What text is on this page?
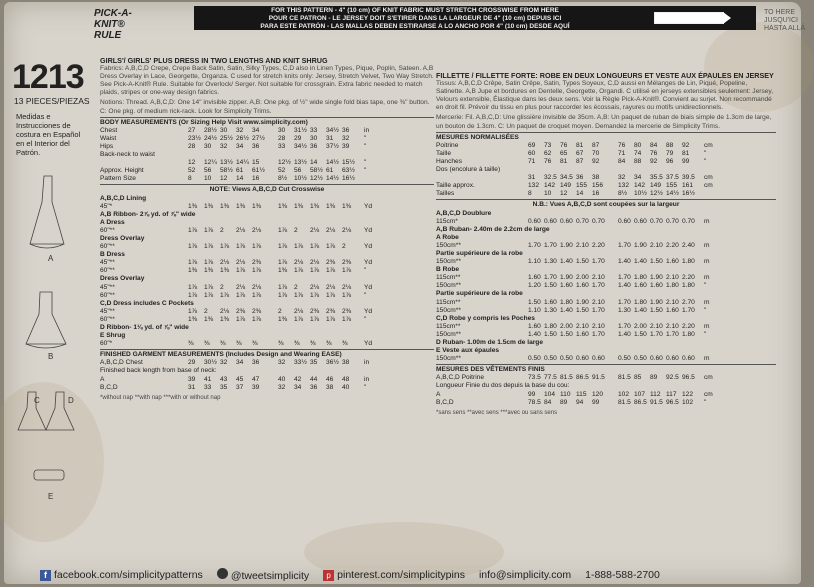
PICK-A-KNIT® RULE
FOR THIS PATTERN - 4" (10 cm) OF KNIT FABRIC MUST STRETCH CROSSWISE FROM HERE
POUR CE PATRON - LE JERSEY DOIT S'ETIRER DANS LA LARGEUR DE 4" (10 cm) DEPUIS ICI
PARA ESTE PATRÓN - LAS MALLAS DEBEN ESTIRARSE A LO ANCHO POR 4" (10 cm) DESDE AQUÍ
TO HERE
JUSQU'ICI
HASTA ALLÁ
1213
13 PIECES/PIEZAS
Medidas e Instrucciones de costura en Español en el Interior del Patrón.
A
B
C	D
E
GIRLS'/ GIRLS' PLUS DRESS IN TWO LENGTHS AND KNIT SHRUG
Fabrics: A,B,C,D Crepe, Crepe Back Satin, Satin, Silky Types, C,D also in Linen Types, Pique, Poplin, Sateen. A,B Dress Overlay in Lace, Georgette, Organza. C used for stretch knits only: Jersey, Stretch Velvet, Two Way Stretch. See Pick-A-Knit® Rule. Suitable for Overlock/ Serger. Not suitable for crossgrain. Extra fabric needed to match plaids, stripes or one-way design fabrics.
Notions: Thread. A,B,C,D: One 14" invisible zipper. A,B: One pkg. of ½" wide single fold bias tape, one ⅜" button. C: One pkg. of medium rick-rack. Look for Simplicity Trims.
BODY MEASUREMENTS (Or Sizing Help Visit www.simplicity.com)
Chest	27	28½ 30	32	34	30	31½ 33	34½ 36	in
Waist	23½ 24½ 25½ 26½ 27½	28	29	30	31	32	"
Hips	28	30	32	34	36	33	34½ 36	37½ 39	"
Back-neck to waist
12	12¼ 13½ 14¼ 15	12½ 13½ 14	14½ 15½	"
Approx. Height	52	56	58½ 61	61½	52	56	58½ 61	63½	"
Pattern Size	8	10	12	14	16	8½	10½ 12½ 14½ 16½
NOTE: Views A,B,C,D Cut Crosswise
A,B,C,D Lining
45"*	1⅜	1⅜	1⅜	1⅜	1⅜	1⅜	1⅜	1⅜	1⅜	1⅜	Yd
A,B Ribbon- 2⅞ yd. of ⅞" wide
A Dress
60"**	1⅞	1⅞	2	2⅛	2⅛	1⅞	2	2⅛	2⅛	2⅛	Yd
Dress Overlay
60"**	1⅞	1⅞	1⅞	1⅞	1⅞	1⅞	1⅞	1⅞	1⅞	2	Yd
B Dress
45"**	1⅞	1⅞	2⅛	2⅛	2⅜	1⅞	2⅛	2⅛	2⅜	2⅜	Yd
60"**	1⅜	1⅜	1⅜	1⅞	1⅞	1⅜	1⅞	1⅞	1⅞	1⅞	"
Dress Overlay
45"**	1⅞	1⅞	2	2⅛	2⅛	1⅞	2	2⅛	2⅛	2⅛	Yd
60"**	1⅞	1⅞	1⅞	1⅞	1⅞	1⅞	1⅞	1⅞	1⅞	1⅞	"
C,D Dress includes C Pockets
45"**	1⅞	2	2⅛	2⅜	2⅜	2	2⅛	2⅜	2⅜	2⅜	Yd
60"**	1⅜	1⅜	1⅜	1⅞	1⅞	1⅜	1⅞	1⅞	1⅞	1⅞	"
D Ribbon- 1⅛ yd. of ⅞" wide
E Shrug
60"*	⅜	⅜	⅜	⅜	⅜	⅜	⅜	⅜	⅜	⅜	Yd
FINISHED GARMENT MEASUREMENTS (Includes Design and Wearing EASE)
A,B,C,D Chest	29	30½ 32	34	36	32	33½ 35	36½ 38	in
Finished back length from base of neck:
A	39	41	43	45	47	40	42	44	46	48	in
B,C,D	31	33	35	37	39	32	34	36	38	40	"
*without nap **with nap ***with or without nap
FILLETTE / FILLETTE FORTE: ROBE EN DEUX LONGUEURS ET VESTE AUX ÉPAULES EN JERSEY
Tissus: A,B,C,D Crêpe, Satin Crêpe, Satin, Types Soyeux, C,D aussi en Mélanges de Lin, Piqué, Popeline, Satinette. A,B Jupe et bordures en Dentelle, Georgette, Organdi. C utilisé en jerseys extensibles seulement: Jersey, Velours extensible, Élastique dans les deux sens. Voir la Règle Pick-A-Knit®. Convient au surjet. Non recommandé en droit fil. Prévoir du tissu en plus pour raccorder les écossais, rayures ou motifs unidirectionnels.
Mercerie: Fil. A,B,C,D: Une glissière invisible de 35cm. A,B: Un paquet de ruban de biais simple de 1.3cm de large, un bouton de 1.3cm. C: Un paquet de croquet moyen. Demandez la mercerie de Simplicity Trims.
MESURES NORMALISÉES
Poitrine	69	73	76	81	87	76	80	84	88	92	cm
Taille	60	62	65	67	70	71	74	76	79	81	"
Hanches	71	76	81	87	92	84	88	92	96	99	"
Dos (encolure à taille)
31	32.5 34.5 36	38	32	34	35.5 37.5 39.5	cm
Taille approx.	132 142 149 155 156	132 142 149 155 161	cm
Tailles	8	10	12	14	16	8½	10½ 12½ 14½ 16½
N.B.: Vues A,B,C,D sont coupées sur la largeur
A,B,C,D Doublure
115cm*	0.60 0.60 0.60 0.70 0.70	0.60 0.60 0.70 0.70 0.70	m
A,B Ruban- 2.40m de 2.2cm de large
A Robe
150cm**	1.70 1.70 1.90 2.10 2.20	1.70 1.90 2.10 2.20 2.40	m
Partie supérieure de la robe
150cm**	1.10 1.30 1.40 1.50 1.70	1.40 1.40 1.50 1.60 1.80	m
B Robe
115cm**	1.60 1.70 1.90 2.00 2.10	1.70 1.80 1.90 2.10 2.20	m
150cm**	1.20 1.50 1.60 1.60 1.70	1.40 1.60 1.60 1.80 1.80	"
Partie supérieure de la robe
115cm**	1.50 1.60 1.80 1.90 2.10	1.70 1.80 1.90 2.10 2.70	m
150cm**	1.10 1.30 1.40 1.50 1.70	1.30 1.40 1.50 1.60 1.70	"
C,D Robe y compris les Poches
115cm**	1.60 1.80 2.00 2.10 2.10	1.70 2.00 2.10 2.10 2.20	m
150cm**	1.40 1.50 1.50 1.60 1.70	1.40 1.50 1.70 1.70 1.80	"
D Ruban- 1.00m de 1.5cm de large
E Veste aux épaules
150cm**	0.50 0.50 0.50 0.60 0.60	0.50 0.50 0.60 0.60 0.60	m
MESURES DES VÊTEMENTS FINIS
A,B,C,D Poitrine	73.5 77.5 81.5 86.5 91.5	81.5 85	89	92.5 96.5	cm
Longueur Finie du dos depuis la base du cou:
A	99	104 110 115 120	102 107 112 117 122	cm
B,C,D	78.5 84	89	94	99	81.5 86.5 91.5 96.5 102	"
*sans sens **avec sens ***avec ou sans sens
f facebook.com/simplicitypatterns	@tweetsimplicity	p pinterest.com/simplicitypins info@simplicity.com 1-888-588-2700
